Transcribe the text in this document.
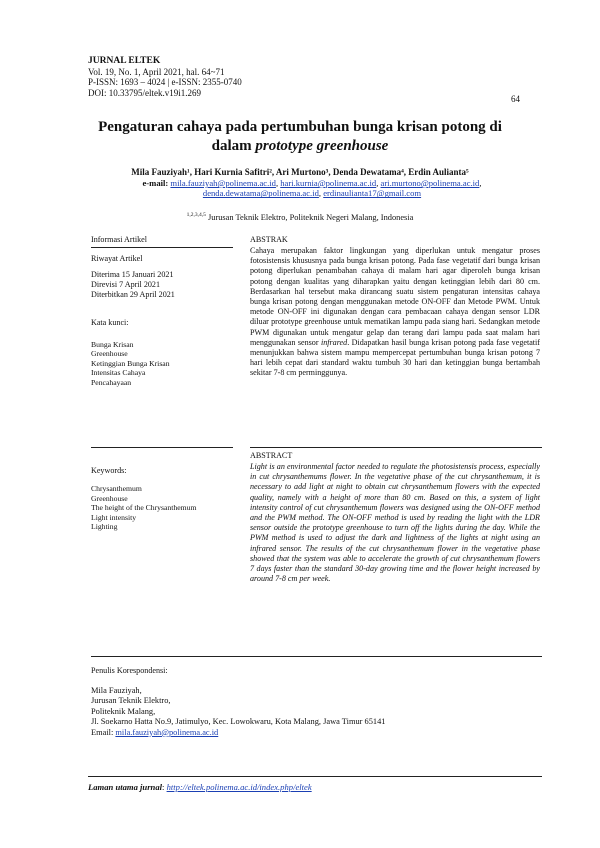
JURNAL ELTEK
Vol. 19, No. 1, April 2021, hal. 64~71
P-ISSN: 1693 – 4024 | e-ISSN: 2355-0740
DOI: 10.33795/eltek.v19i1.269
64
Pengaturan cahaya pada pertumbuhan bunga krisan potong di
dalam prototype greenhouse
Mila Fauziyah¹, Hari Kurnia Safitri², Ari Murtono³, Denda Dewatama⁴, Erdin Aulianta⁵
e-mail: mila.fauziyah@polinema.ac.id, hari.kurnia@polinema.ac.id, ari.murtono@polinema.ac.id,
denda.dewatama@polinema.ac.id, erdinaulianta17@gmail.com
$^{1,2,3,4,5}$ Jurusan Teknik Elektro, Politeknik Negeri Malang, Indonesia
Informasi Artikel
Riwayat Artikel
Diterima 15 Januari 2021
Direvisi 7 April 2021
Diterbitkan 29 April 2021
Kata kunci:
Bunga Krisan
Greenhouse
Ketinggian Bunga Krisan
Intensitas Cahaya
Pencahayaan
Keywords:
Chrysanthemum
Greenhouse
The height of the Chrysanthemum
Light intensity
Lighting
ABSTRAK
Cahaya merupakan faktor lingkungan yang diperlukan untuk mengatur proses fotosistensis khususnya pada bunga krisan potong. Pada fase vegetatif dari bunga krisan potong diperlukan penambahan cahaya di malam hari agar diperoleh bunga krisan potong dengan kualitas yang diharapkan yaitu dengan ketinggian lebih dari 80 cm. Berdasarkan hal tersebut maka dirancang suatu sistem pengaturan intensitas cahaya bunga krisan potong dengan menggunakan metode ON-OFF dan Metode PWM. Untuk metode ON-OFF ini digunakan dengan cara pembacaan cahaya dengan sensor LDR diluar prototype greenhouse untuk mematikan lampu pada siang hari. Sedangkan metode PWM digunakan untuk mengatur gelap dan terang dari lampu pada saat malam hari menggunakan sensor infrared. Didapatkan hasil bunga krisan potong pada fase vegetatif menunjukkan bahwa sistem mampu mempercepat pertumbuhan bunga krisan potong 7 hari lebih cepat dari standard waktu tumbuh 30 hari dan ketinggian bunga bertambah sekitar 7-8 cm perminggunya.
ABSTRACT
Light is an environmental factor needed to regulate the photosistensis process, especially in cut chrysanthemums flower. In the vegetative phase of the cut chrysanthemum, it is necessary to add light at night to obtain cut chrysanthemum flowers with the expected quality, namely with a height of more than 80 cm. Based on this, a system of light intensity control of cut chrysanthemum flowers was designed using the ON-OFF method and the PWM method. The ON-OFF method is used by reading the light with the LDR sensor outside the prototype greenhouse to turn off the lights during the day. While the PWM method is used to adjust the dark and lightness of the lights at night using an infrared sensor. The results of the cut chrysanthemum flower in the vegetative phase showed that the system was able to accelerate the growth of cut chrysanthemum flowers 7 days faster than the standard 30-day growing time and the flower height increased by around 7-8 cm per week.
Penulis Korespondensi:
Mila Fauziyah,
Jurusan Teknik Elektro,
Politeknik Malang,
Jl. Soekarno Hatta No.9, Jatimulyo, Kec. Lowokwaru, Kota Malang, Jawa Timur 65141
Email: mila.fauziyah@polinema.ac.id
Laman utama jurnal: http://eltek.polinema.ac.id/index.php/eltek
